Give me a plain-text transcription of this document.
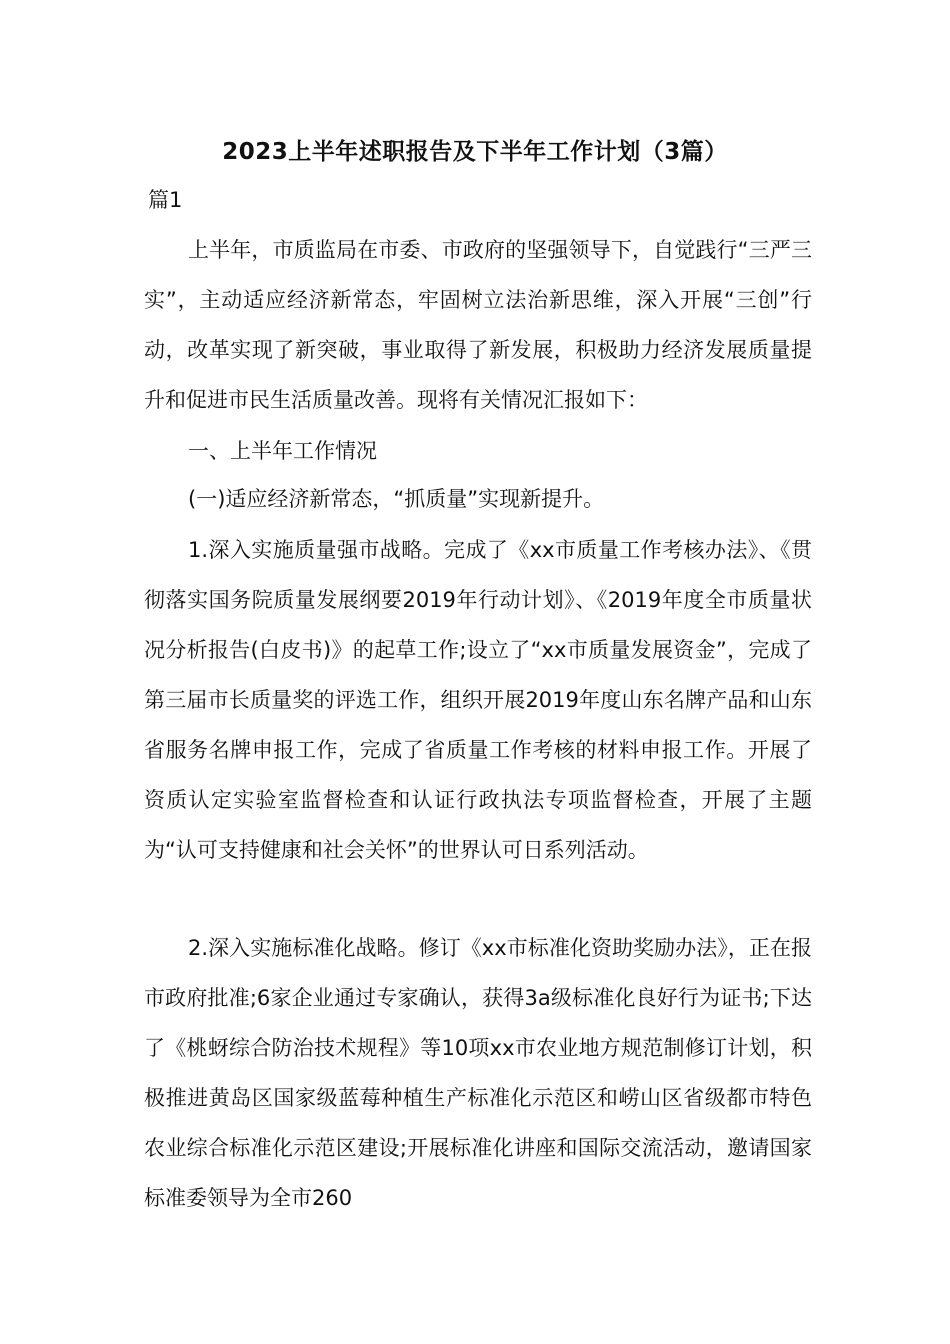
2023上半年述职报告及下半年工作计划（3篇）
篇1

上半年，市质监局在市委、市政府的坚强领导下，自觉践行“三严三实”，主动适应经济新常态，牢固树立法治新思维，深入开展“三创”行动，改革实现了新突破，事业取得了新发展，积极助力经济发展质量提升和促进市民生活质量改善。现将有关情况汇报如下：

一、上半年工作情况
(一)适应经济新常态，“抓质量”实现新提升。

1.深入实施质量强市战略。完成了《xx市质量工作考核办法》、《贯彻落实国务院质量发展纲要2019年行动计划》、《2019年度全市质量状况分析报告(白皮书)》的起草工作;设立了“xx市质量发展资金”，完成了第三届市长质量奖的评选工作，组织开展2019年度山东名牌产品和山东省服务名牌申报工作，完成了省质量工作考核的材料申报工作。开展了资质认定实验室监督检查和认证行政执法专项监督检查，开展了主题为“认可支持健康和社会关怀”的世界认可日系列活动。

2.深入实施标准化战略。修订《xx市标准化资助奖励办法》，正在报市政府批准;6家企业通过专家确认，获得3a级标准化良好行为证书;下达了《桃蚜综合防治技术规程》等10项xx市农业地方规范制修订计划，积极推进黄岛区国家级蓝莓种植生产标准化示范区和崂山区省级都市特色农业综合标准化示范区建设;开展标准化讲座和国际交流活动，邀请国家标准委领导为全市260
